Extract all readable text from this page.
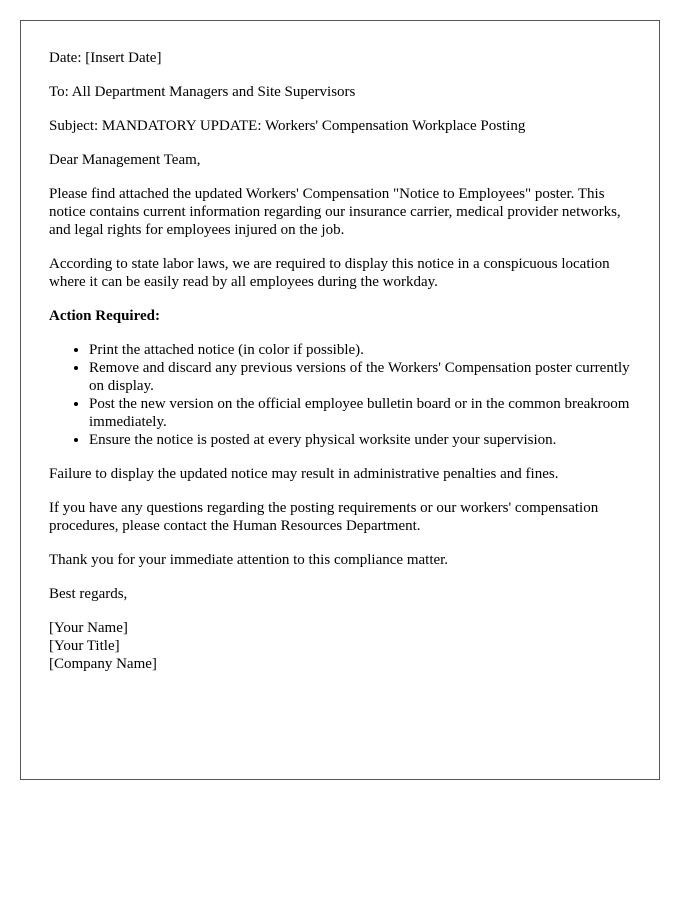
Date: [Insert Date]

To: All Department Managers and Site Supervisors

Subject: MANDATORY UPDATE: Workers' Compensation Workplace Posting

Dear Management Team,

Please find attached the updated Workers' Compensation "Notice to Employees" poster. This notice contains current information regarding our insurance carrier, medical provider networks, and legal rights for employees injured on the job.

According to state labor laws, we are required to display this notice in a conspicuous location where it can be easily read by all employees during the workday.

Action Required:

• Print the attached notice (in color if possible).
• Remove and discard any previous versions of the Workers' Compensation poster currently on display.
• Post the new version on the official employee bulletin board or in the common breakroom immediately.
• Ensure the notice is posted at every physical worksite under your supervision.

Failure to display the updated notice may result in administrative penalties and fines.

If you have any questions regarding the posting requirements or our workers' compensation procedures, please contact the Human Resources Department.

Thank you for your immediate attention to this compliance matter.

Best regards,

[Your Name]
[Your Title]
[Company Name]
